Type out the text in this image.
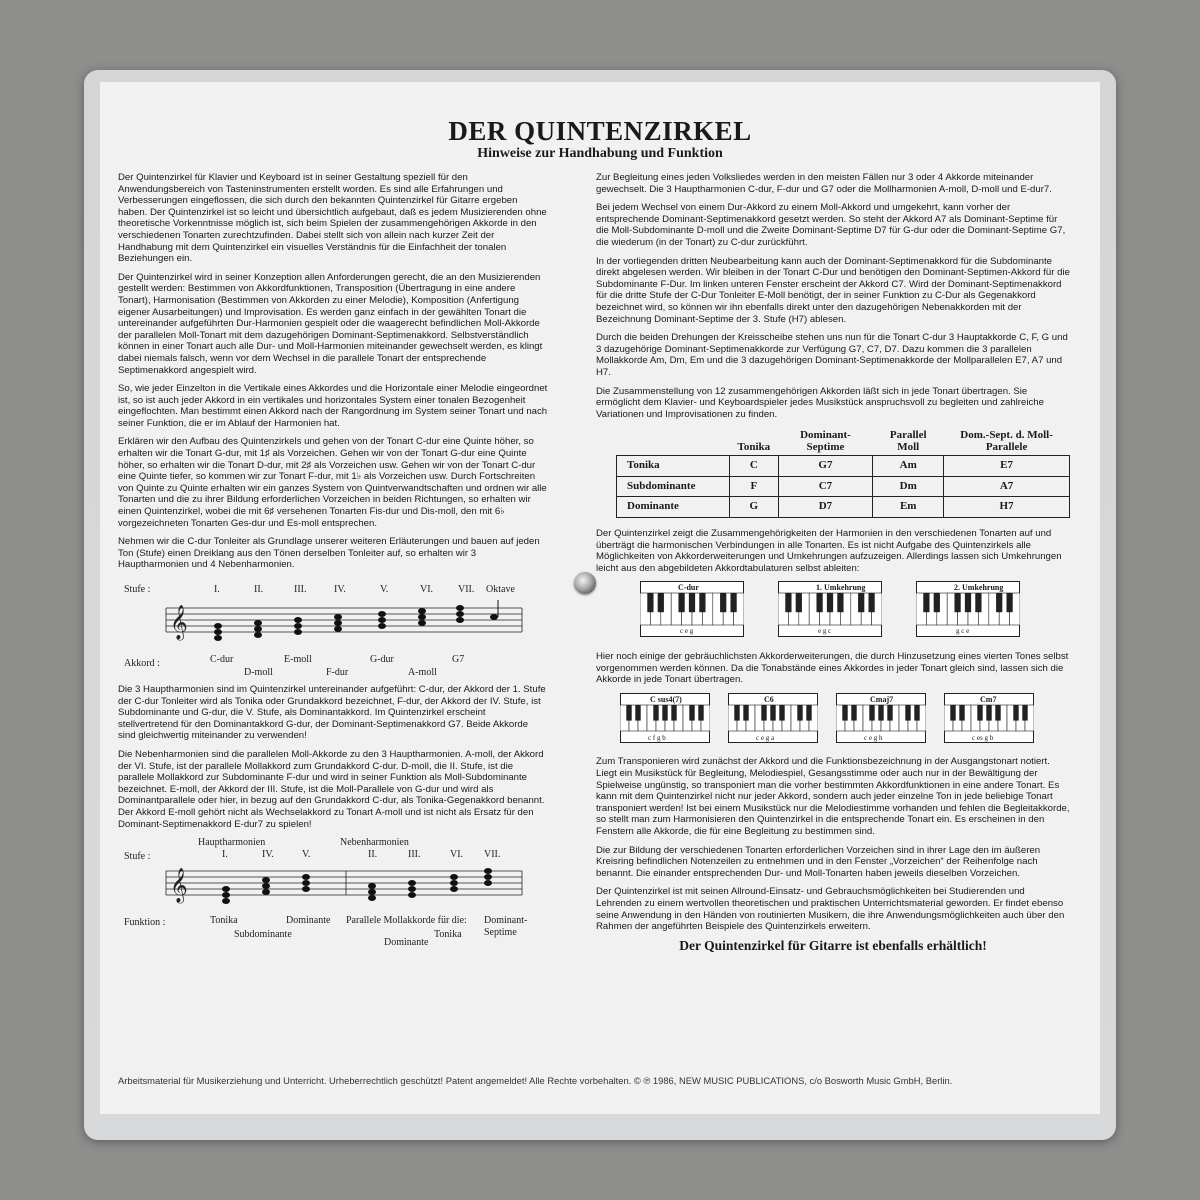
DER QUINTENZIRKEL
Hinweise zur Handhabung und Funktion

Der Quintenzirkel für Klavier und Keyboard ist in seiner Gestaltung speziell für den Anwendungsbereich von Tasteninstrumenten erstellt worden. Es sind alle Erfahrungen und Verbesserungen eingeflossen, die sich durch den bekannten Quintenzirkel für Gitarre ergeben haben. Der Quintenzirkel ist so leicht und übersichtlich aufgebaut, daß es jedem Musizierenden ohne theoretische Vorkenntnisse möglich ist, sich beim Spielen der zusammengehörigen Akkorde in den verschiedenen Tonarten zurechtzufinden. Dabei stellt sich von allein nach kurzer Zeit der Handhabung mit dem Quintenzirkel ein visuelles Verständnis für die Einfachheit der tonalen Beziehungen ein.

Der Quintenzirkel wird in seiner Konzeption allen Anforderungen gerecht, die an den Musizierenden gestellt werden: Bestimmen von Akkordfunktionen, Transposition (Übertragung in eine andere Tonart), Harmonisation (Bestimmen von Akkorden zu einer Melodie), Komposition (Anfertigung eigener Ausarbeitungen) und Improvisation. Es werden ganz einfach in der gewählten Tonart die untereinander aufgeführten Dur-Harmonien gespielt oder die waagerecht befindlichen Moll-Akkorde der parallelen Moll-Tonart mit dem dazugehörigen Dominant-Septimenakkord. Selbstverständlich können in einer Tonart auch alle Dur- und Moll-Harmonien miteinander gewechselt werden, es klingt dabei niemals falsch, wenn vor dem Wechsel in die parallele Tonart der entsprechende Septimenakkord angespielt wird.

So, wie jeder Einzelton in die Vertikale eines Akkordes und die Horizontale einer Melodie eingeordnet ist, so ist auch jeder Akkord in ein vertikales und horizontales System einer tonalen Bezogenheit eingeflochten. Man bestimmt einen Akkord nach der Rangordnung im System seiner Tonart und nach seiner Funktion, die er im Ablauf der Harmonien hat.

Erklären wir den Aufbau des Quintenzirkels und gehen von der Tonart C-dur eine Quinte höher, so erhalten wir die Tonart G-dur, mit 1♯ als Vorzeichen. Gehen wir von der Tonart G-dur eine Quinte höher, so erhalten wir die Tonart D-dur, mit 2♯ als Vorzeichen usw. Gehen wir von der Tonart C-dur eine Quinte tiefer, so kommen wir zur Tonart F-dur, mit 1♭ als Vorzeichen usw. Durch Fortschreiten von Quinte zu Quinte erhalten wir ein ganzes System von Quintverwandtschaften und ordnen wir alle Tonarten und die zu ihrer Bildung erforderlichen Vorzeichen in beiden Richtungen, so erhalten wir einen Quintenzirkel, wobei die mit 6♯ versehenen Tonarten Fis-dur und Dis-moll, den mit 6♭ vorgezeichneten Tonarten Ges-dur und Es-moll entsprechen.

Nehmen wir die C-dur Tonleiter als Grundlage unserer weiteren Erläuterungen und bauen auf jeden Ton (Stufe) einen Dreiklang aus den Tönen derselben Tonleiter auf, so erhalten wir 3 Hauptharmonien und 4 Nebenharmonien.

Stufe :	I.	II.	III.	IV.	V.	VI. VII. Oktave
𝄞
Akkord :	C-dur	E-moll	G-dur	G7
D-moll	F-dur	A-moll

Die 3 Hauptharmonien sind im Quintenzirkel untereinander aufgeführt: C-dur, der Akkord der 1. Stufe der C-dur Tonleiter wird als Tonika oder Grundakkord bezeichnet, F-dur, der Akkord der IV. Stufe, ist Subdominante und G-dur, die V. Stufe, als Dominantakkord. Im Quintenzirkel erscheint stellvertretend für den Dominantakkord G-dur, der Dominant-Septimenakkord G7. Beide Akkorde sind gleichwertig miteinander zu verwenden!

Die Nebenharmonien sind die parallelen Moll-Akkorde zu den 3 Hauptharmonien. A-moll, der Akkord der VI. Stufe, ist der parallele Mollakkord zum Grundakkord C-dur. D-moll, die II. Stufe, ist die parallele Mollakkord zur Subdominante F-dur und wird in seiner Funktion als Moll-Subdominante bezeichnet. E-moll, der Akkord der III. Stufe, ist die Moll-Parallele von G-dur und wird als Dominantparallele oder hier, in bezug auf den Grundakkord C-dur, als Tonika-Gegenakkord benannt. Der Akkord E-moll gehört nicht als Wechselakkord zu Tonart A-moll und ist nicht als Ersatz für den Dominant-Septimenakkord E-dur7 zu spielen!

Hauptharmonien	Nebenharmonien
Stufe :	I.	IV.	V.	II.	III.	VI. VII.
𝄞
Funktion :	Tonika
Subdominante
Dominante Parallele Mollakkorde für die:
Tonika
Dominante
Dominant-
Septime

Zur Begleitung eines jeden Volksliedes werden in den meisten Fällen nur 3 oder 4 Akkorde miteinander gewechselt. Die 3 Hauptharmonien C-dur, F-dur und G7 oder die Mollharmonien A-moll, D-moll und E-dur7.

Bei jedem Wechsel von einem Dur-Akkord zu einem Moll-Akkord und umgekehrt, kann vorher der entsprechende Dominant-Septimenakkord gesetzt werden. So steht der Akkord A7 als Dominant-Septime für die Moll-Subdominante D-moll und die Zweite Dominant-Septime D7 für G-dur oder die Dominant-Septime G7, die wiederum (in der Tonart) zu C-dur zurückführt.

In der vorliegenden dritten Neubearbeitung kann auch der Dominant-Septimenakkord für die Subdominante direkt abgelesen werden. Wir bleiben in der Tonart C-Dur und benötigen den Dominant-Septimen-Akkord für die Subdominante F-Dur. Im linken unteren Fenster erscheint der Akkord C7. Wird der Dominant-Septimenakkord für die dritte Stufe der C-Dur Tonleiter E-Moll benötigt, der in seiner Funktion zu C-Dur als Gegenakkord bezeichnet wird, so können wir ihn ebenfalls direkt unter den dazugehörigen Nebenakkorden mit der Bezeichnung Dominant-Septime der 3. Stufe (H7) ablesen.

Durch die beiden Drehungen der Kreisscheibe stehen uns nun für die Tonart C-dur 3 Hauptakkorde C, F, G und 3 dazugehörige Dominant-Septimenakkorde zur Verfügung G7, C7, D7. Dazu kommen die 3 parallelen Mollakkorde Am, Dm, Em und die 3 dazugehörigen Dominant-Septimenakkorde der Mollparallelen E7, A7 und H7.

Die Zusammenstellung von 12 zusammengehörigen Akkorden läßt sich in jede Tonart übertragen. Sie ermöglicht dem Klavier- und Keyboardspieler jedes Musikstück anspruchsvoll zu begleiten und zahlreiche Variationen und Improvisationen zu finden.

	Tonika	Dominant-Septime	Parallel Moll	Dom.-Sept. d. Moll-Parallele
Tonika	C	G7	Am	E7
Subdominante	F	C7	Dm	A7
Dominante	G	D7	Em	H7

Der Quintenzirkel zeigt die Zusammengehörigkeiten der Harmonien in den verschiedenen Tonarten auf und überträgt die harmonischen Verbindungen in alle Tonarten. Es ist nicht Aufgabe des Quintenzirkels alle Möglichkeiten von Akkorderweiterungen und Umkehrungen aufzuzeigen. Allerdings lassen sich Umkehrungen leicht aus den abgebildeten Akkordtabulaturen selbst ableiten:

C-dur
c e g
1. Umkehrung
e g c
2. Umkehrung
g c e

Hier noch einige der gebräuchlichsten Akkorderweiterungen, die durch Hinzusetzung eines vierten Tones selbst vorgenommen werden können. Da die Tonabstände eines Akkordes in jeder Tonart gleich sind, lassen sich die Akkorde in jede Tonart übertragen.

C sus4(7)
c f g b
C6
c e g a
Cmaj7
c e g h
Cm7
c es g b

Zum Transponieren wird zunächst der Akkord und die Funktionsbezeichnung in der Ausgangstonart notiert. Liegt ein Musikstück für Begleitung, Melodiespiel, Gesangsstimme oder auch nur in der Bewältigung der Spielweise ungünstig, so transponiert man die vorher bestimmten Akkordfunktionen in eine andere Tonart. Es kann mit dem Quintenzirkel nicht nur jeder Akkord, sondern auch jeder einzelne Ton in jede beliebige Tonart transponiert werden! Ist bei einem Musikstück nur die Melodiestimme vorhanden und fehlen die Begleitakkorde, so stellt man zum Harmonisieren den Quintenzirkel in die entsprechende Tonart ein. Es erscheinen in den Fenstern alle Akkorde, die für eine Begleitung zu bestimmen sind.

Die zur Bildung der verschiedenen Tonarten erforderlichen Vorzeichen sind in ihrer Lage den im äußeren Kreisring befindlichen Notenzeilen zu entnehmen und in den Fenster „Vorzeichen“ der Reihenfolge nach benannt. Die einander entsprechenden Dur- und Moll-Tonarten haben jeweils dieselben Vorzeichen.

Der Quintenzirkel ist mit seinen Allround-Einsatz- und Gebrauchsmöglichkeiten bei Studierenden und Lehrenden zu einem wertvollen theoretischen und praktischen Unterrichtsmaterial geworden. Er findet ebenso seine Anwendung in den Händen von routinierten Musikern, die ihre Anwendungsmöglichkeiten auch über den Rahmen der angeführten Beispiele des Quintenzirkels erweitern.

Der Quintenzirkel für Gitarre ist ebenfalls erhältlich!
Arbeitsmaterial für Musikerziehung und Unterricht. Urheberrechtlich geschützt! Patent angemeldet! Alle Rechte vorbehalten. © ℗ 1986, NEW MUSIC PUBLICATIONS, c/o Bosworth Music GmbH, Berlin.
